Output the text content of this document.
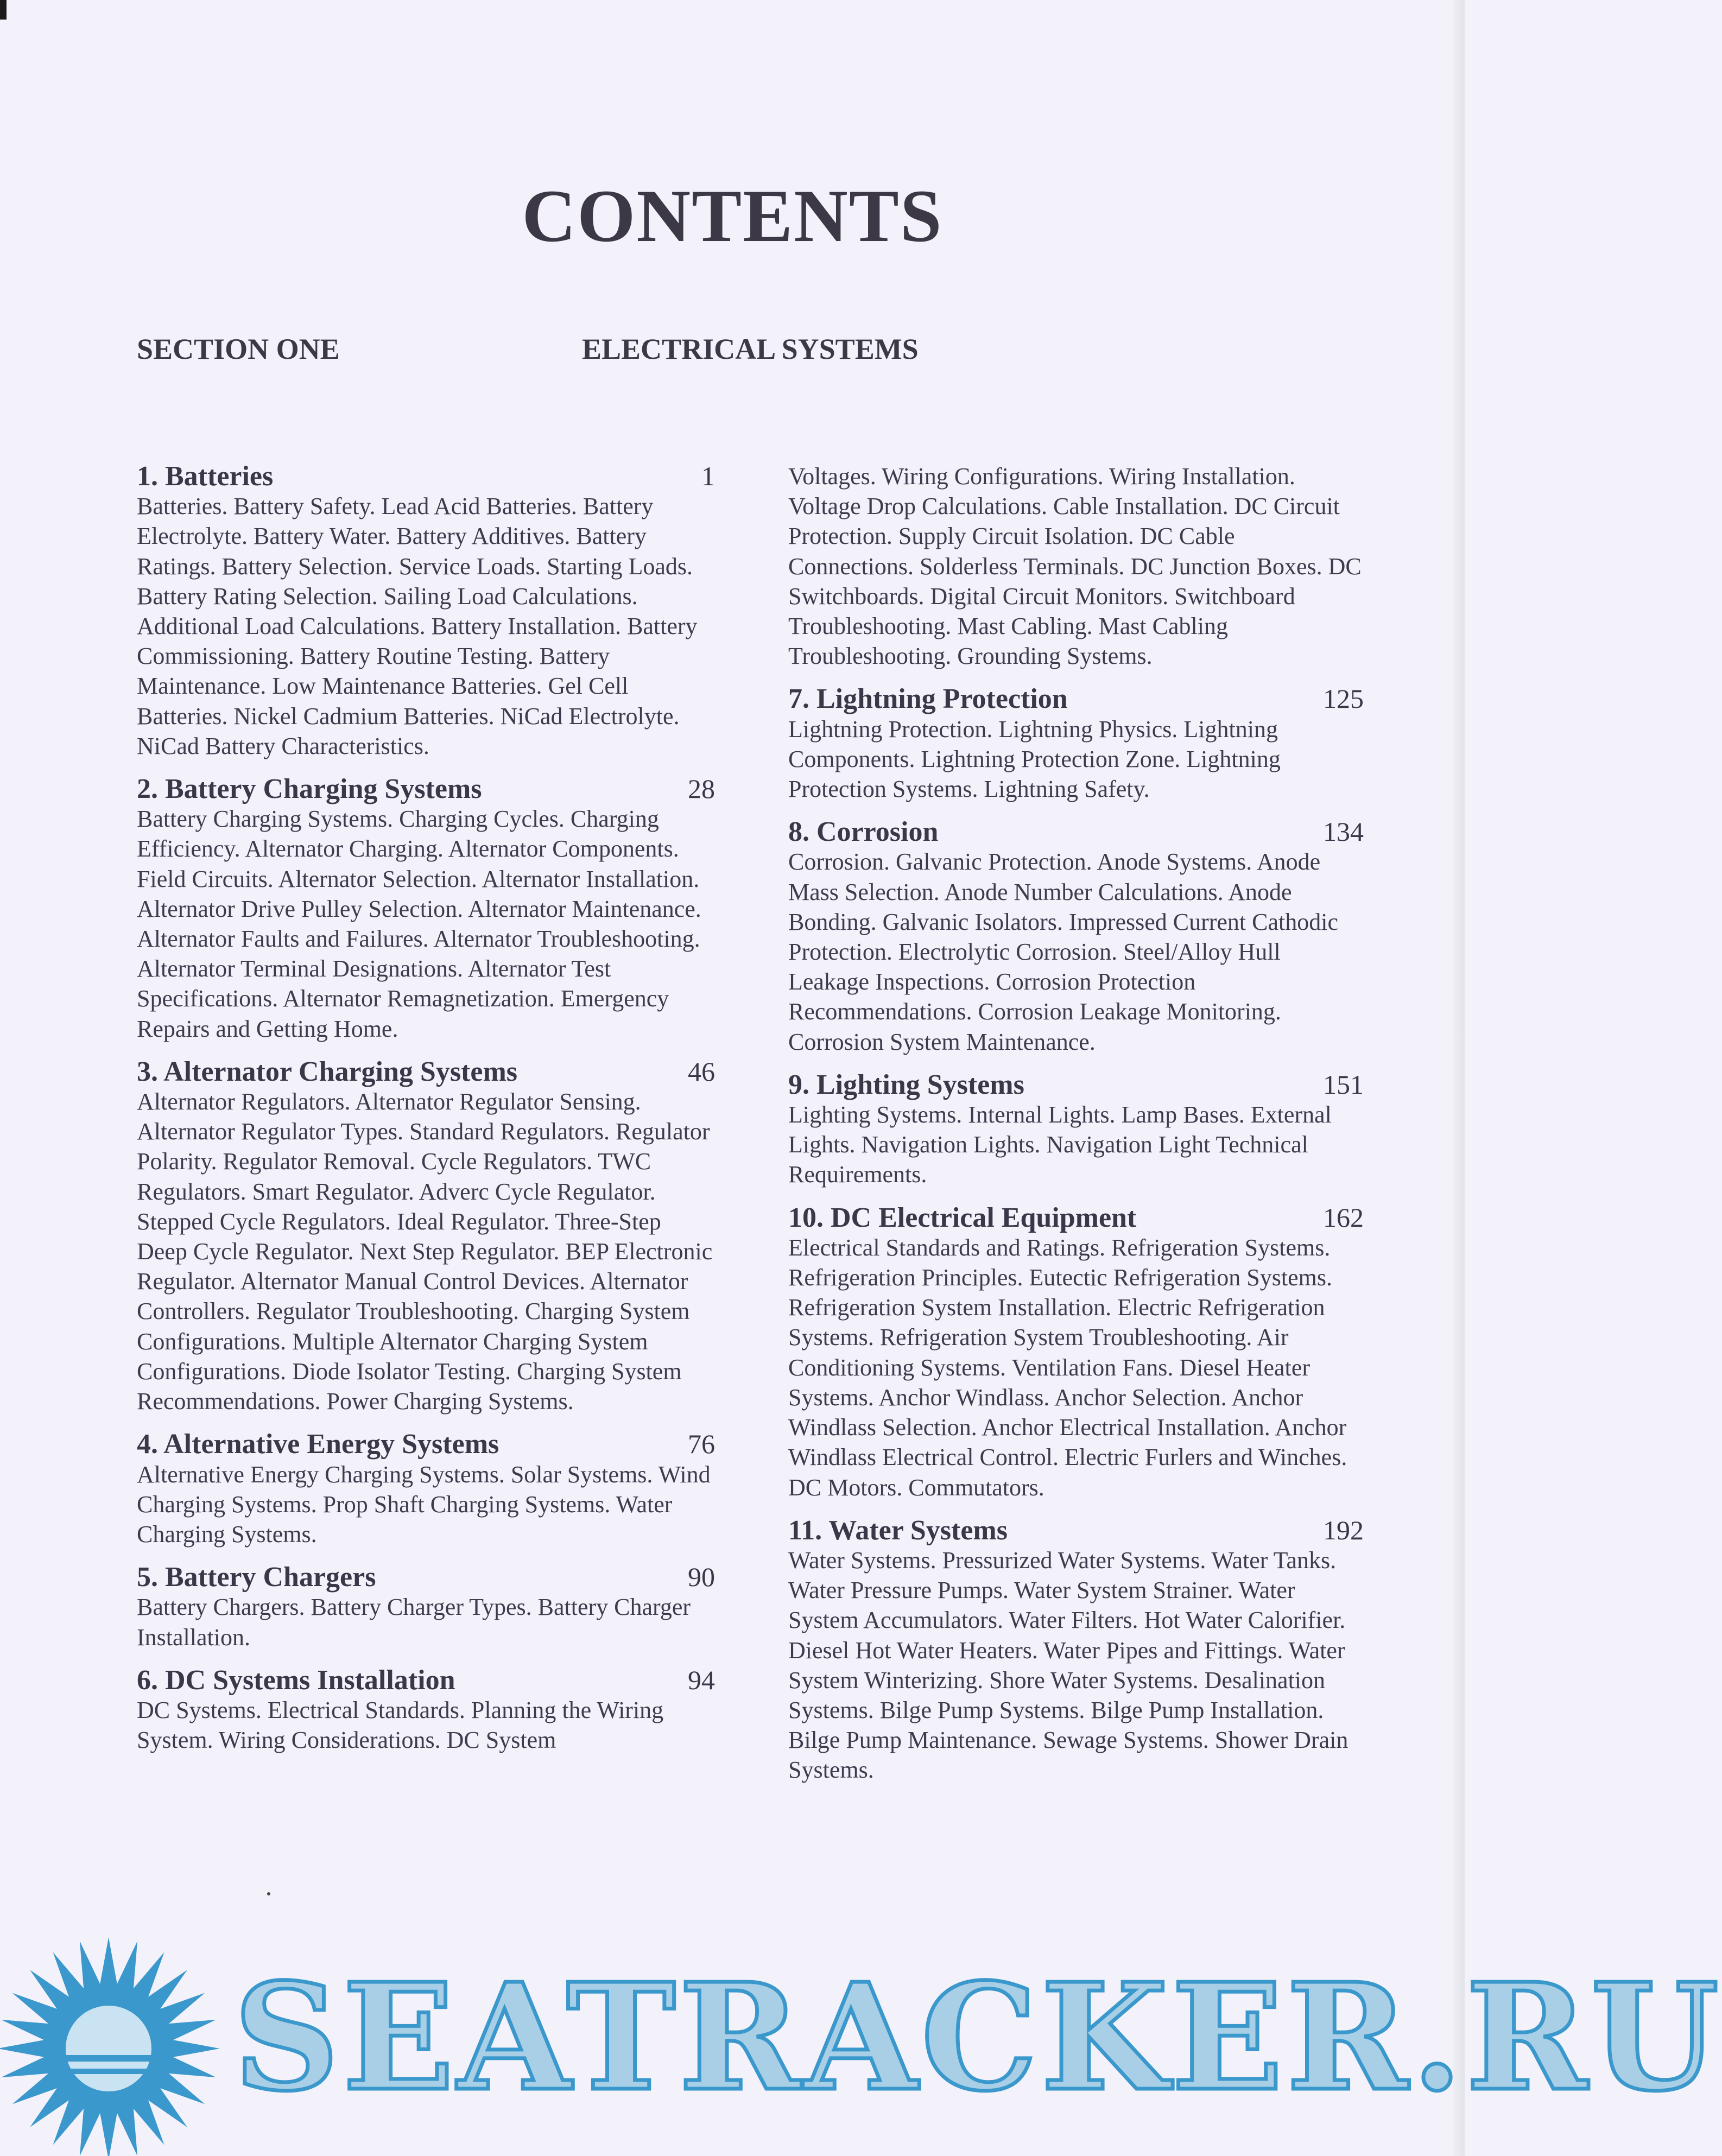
CONTENTS
SECTION ONE	ELECTRICAL SYSTEMS
1. Batteries	1

Batteries. Battery Safety. Lead Acid Batteries. Battery Electrolyte. Battery Water. Battery Additives. Battery Ratings. Battery Selection. Service Loads. Starting Loads. Battery Rating Selection. Sailing Load Calculations. Additional Load Calculations. Battery Installation. Battery Commissioning. Battery Routine Testing. Battery Maintenance. Low Maintenance Batteries. Gel Cell Batteries. Nickel Cadmium Batteries. NiCad Electrolyte. NiCad Battery Characteristics.

2. Battery Charging Systems	28

Battery Charging Systems. Charging Cycles. Charging Efficiency. Alternator Charging. Alternator Components. Field Circuits. Alternator Selection. Alternator Installation. Alternator Drive Pulley Selection. Alternator Maintenance. Alternator Faults and Failures. Alternator Troubleshooting. Alternator Terminal Designations. Alternator Test Specifications. Alternator Remagnetization. Emergency Repairs and Getting Home.

3. Alternator Charging Systems	46

Alternator Regulators. Alternator Regulator Sensing. Alternator Regulator Types. Standard Regulators. Regulator Polarity. Regulator Removal. Cycle Regulators. TWC Regulators. Smart Regulator. Adverc Cycle Regulator. Stepped Cycle Regulators. Ideal Regulator. Three-Step Deep Cycle Regulator. Next Step Regulator. BEP Electronic Regulator. Alternator Manual Control Devices. Alternator Controllers. Regulator Troubleshooting. Charging System Configurations. Multiple Alternator Charging System Configurations. Diode Isolator Testing. Charging System Recommendations. Power Charging Systems.

4. Alternative Energy Systems	76

Alternative Energy Charging Systems. Solar Systems. Wind Charging Systems. Prop Shaft Charging Systems. Water Charging Systems.

5. Battery Chargers	90

Battery Chargers. Battery Charger Types. Battery Charger Installation.

6. DC Systems Installation	94

DC Systems. Electrical Standards. Planning the Wiring System. Wiring Considerations. DC System

Voltages. Wiring Configurations. Wiring Installation. Voltage Drop Calculations. Cable Installation. DC Circuit Protection. Supply Circuit Isolation. DC Cable Connections. Solderless Terminals. DC Junction Boxes. DC Switchboards. Digital Circuit Monitors. Switchboard Troubleshooting. Mast Cabling. Mast Cabling Troubleshooting. Grounding Systems.

7. Lightning Protection	125

Lightning Protection. Lightning Physics. Lightning Components. Lightning Protection Zone. Lightning Protection Systems. Lightning Safety.

8. Corrosion	134

Corrosion. Galvanic Protection. Anode Systems. Anode Mass Selection. Anode Number Calculations. Anode Bonding. Galvanic Isolators. Impressed Current Cathodic Protection. Electrolytic Corrosion. Steel/Alloy Hull Leakage Inspections. Corrosion Protection Recommendations. Corrosion Leakage Monitoring. Corrosion System Maintenance.

9. Lighting Systems	151

Lighting Systems. Internal Lights. Lamp Bases. External Lights. Navigation Lights. Navigation Light Technical Requirements.

10. DC Electrical Equipment	162

Electrical Standards and Ratings. Refrigeration Systems. Refrigeration Principles. Eutectic Refrigeration Systems. Refrigeration System Installation. Electric Refrigeration Systems. Refrigeration System Troubleshooting. Air Conditioning Systems. Ventilation Fans. Diesel Heater Systems. Anchor Windlass. Anchor Selection. Anchor Windlass Selection. Anchor Electrical Installation. Anchor Windlass Electrical Control. Electric Furlers and Winches. DC Motors. Commutators.

11. Water Systems	192

Water Systems. Pressurized Water Systems. Water Tanks. Water Pressure Pumps. Water System Strainer. Water System Accumulators. Water Filters. Hot Water Calorifier. Diesel Hot Water Heaters. Water Pipes and Fittings. Water System Winterizing. Shore Water Systems. Desalination Systems. Bilge Pump Systems. Bilge Pump Installation. Bilge Pump Maintenance. Sewage Systems. Shower Drain Systems.

SEATRACKER.RU
